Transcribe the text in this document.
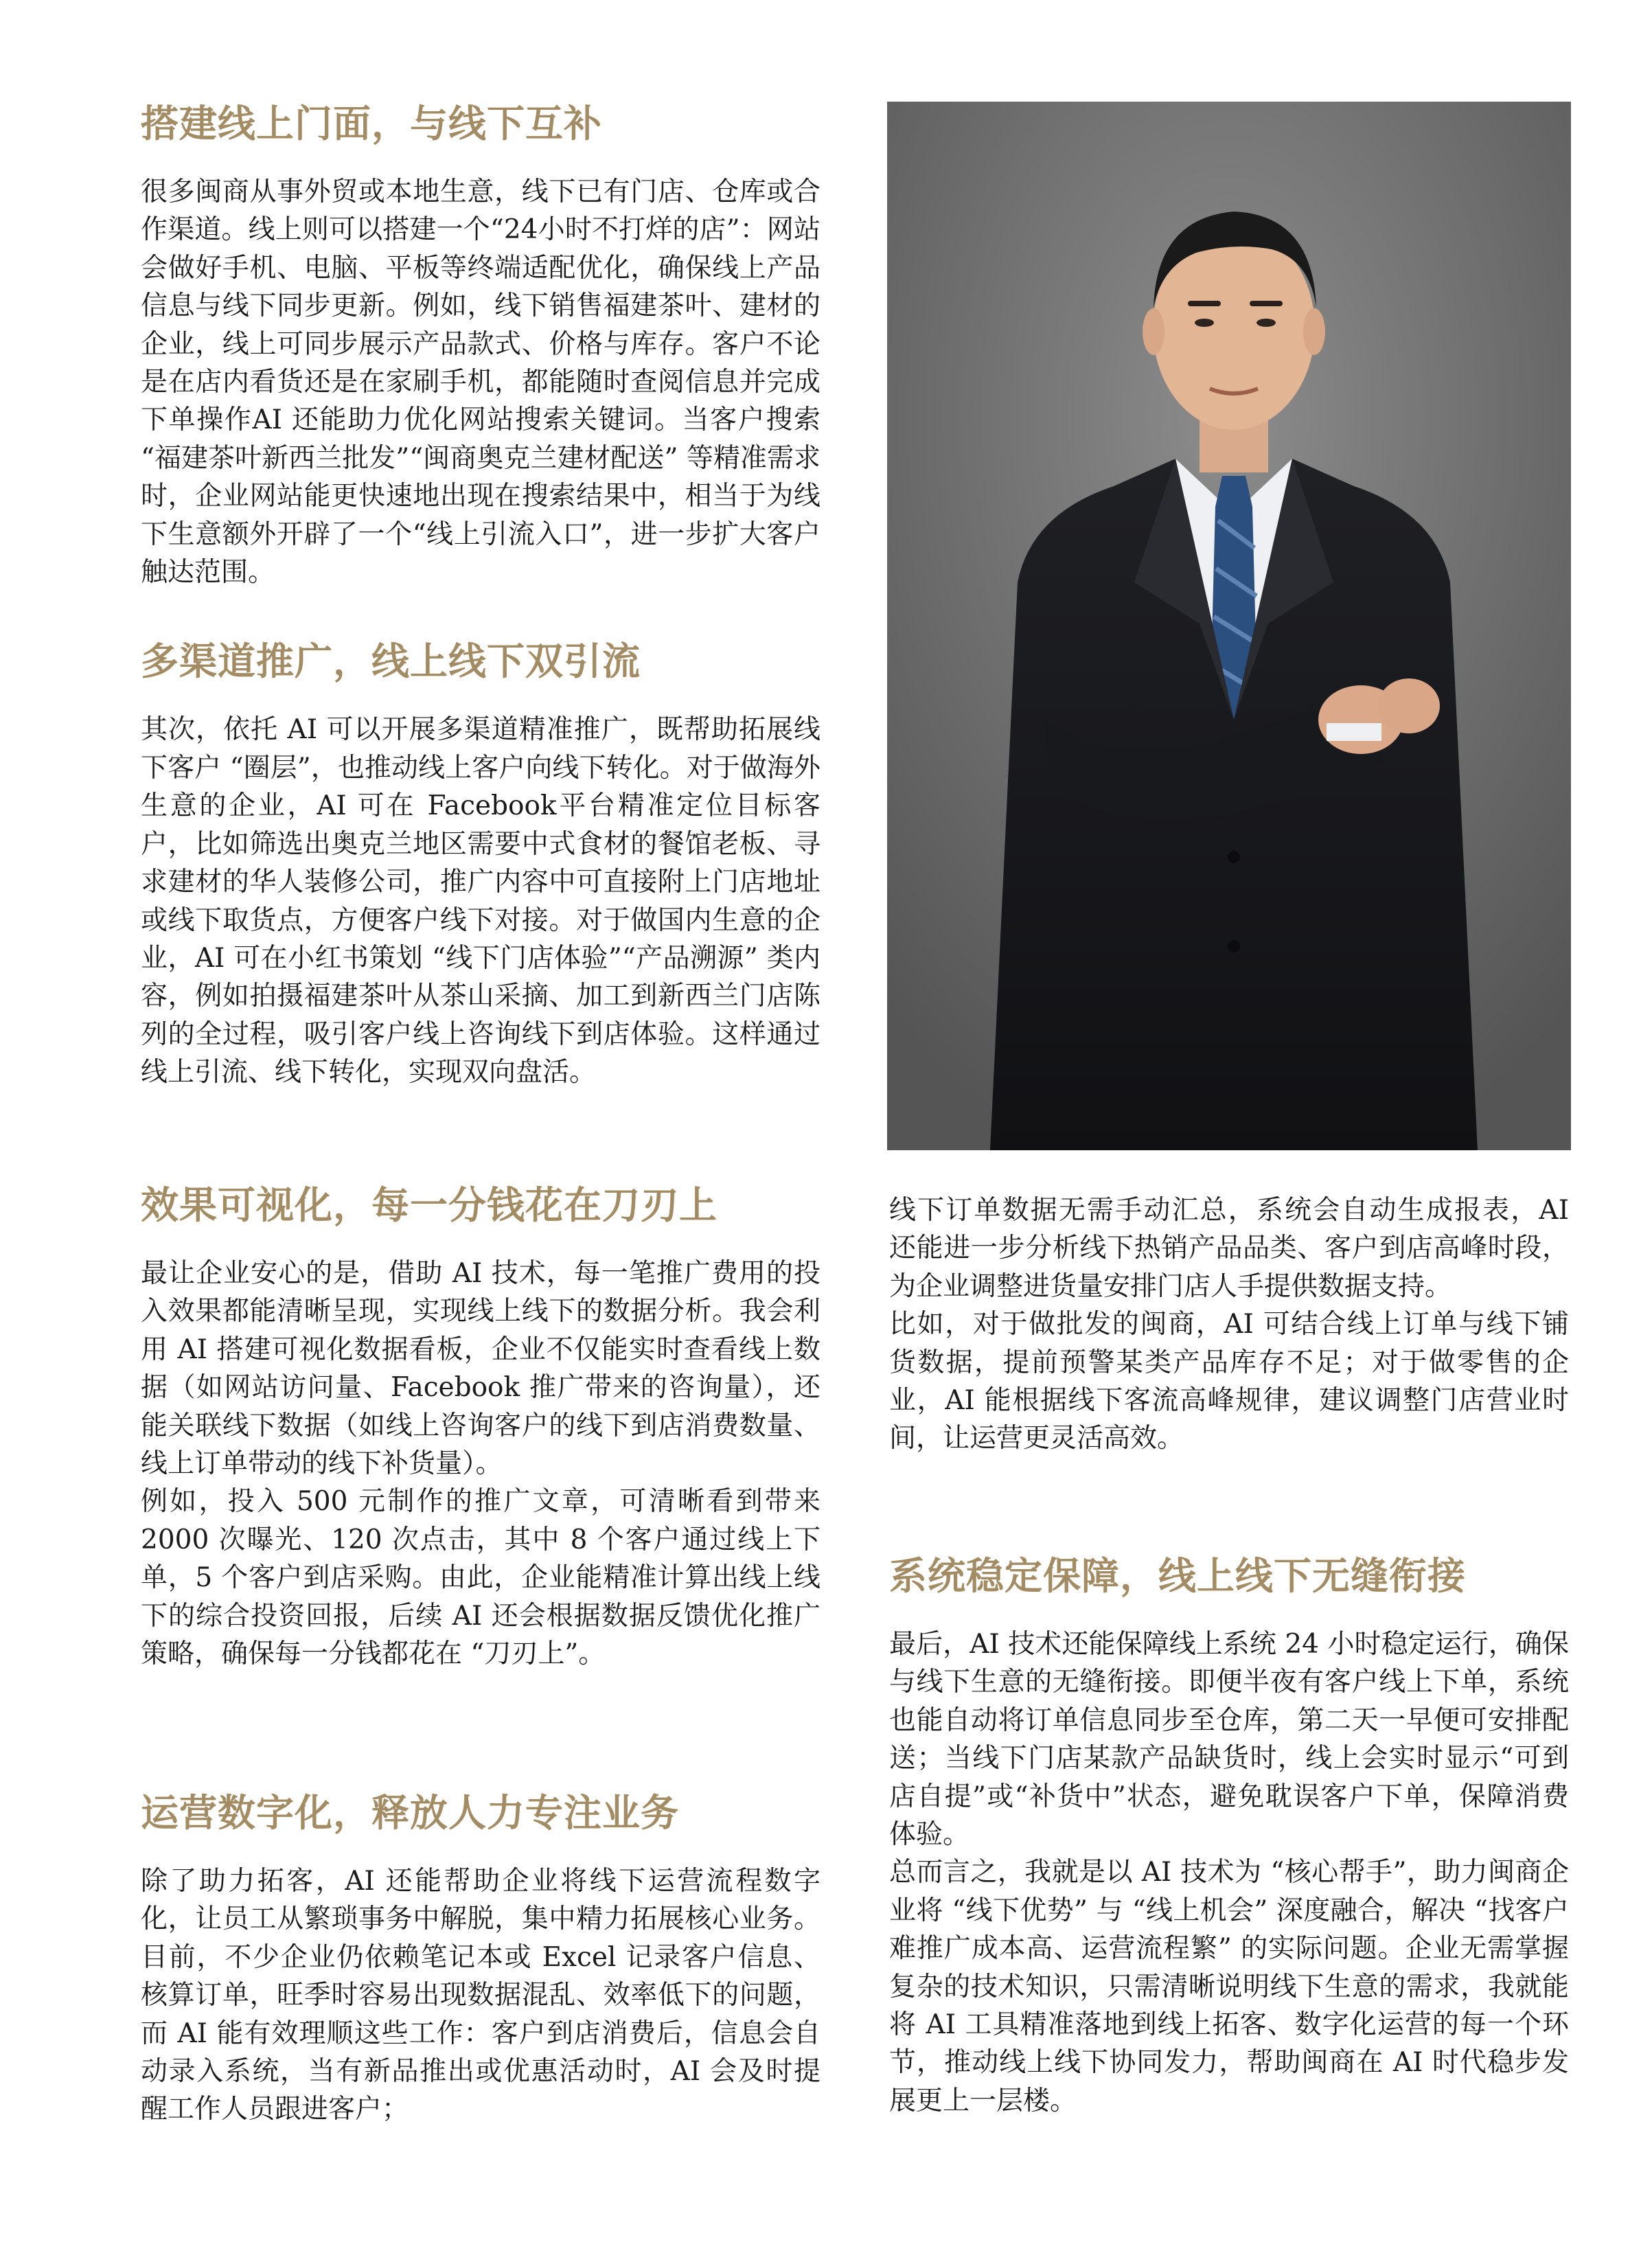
搭建线上门面，与线下互补

很多闽商从事外贸或本地生意，线下已有门店、仓库或合作渠道。线上则可以搭建一个“24小时不打烊的店”：网站会做好手机、电脑、平板等终端适配优化，确保线上产品信息与线下同步更新。例如，线下销售福建茶叶、建材的企业，线上可同步展示产品款式、价格与库存。客户不论是在店内看货还是在家刷手机，都能随时查阅信息并完成下单操作AI 还能助力优化网站搜索关键词。当客户搜索 “福建茶叶新西兰批发”“闽商奥克兰建材配送” 等精准需求时，企业网站能更快速地出现在搜索结果中，相当于为线下生意额外开辟了一个“线上引流入口”，进一步扩大客户触达范围。

多渠道推广，线上线下双引流

其次，依托 AI 可以开展多渠道精准推广，既帮助拓展线下客户 “圈层”，也推动线上客户向线下转化。对于做海外生意的企业，AI 可在 Facebook平台精准定位目标客户，比如筛选出奥克兰地区需要中式食材的餐馆老板、寻求建材的华人装修公司，推广内容中可直接附上门店地址或线下取货点，方便客户线下对接。对于做国内生意的企业，AI 可在小红书策划 “线下门店体验”“产品溯源” 类内容，例如拍摄福建茶叶从茶山采摘、加工到新西兰门店陈列的全过程，吸引客户线上咨询线下到店体验。这样通过线上引流、线下转化，实现双向盘活。

效果可视化，每一分钱花在刀刃上

最让企业安心的是，借助 AI 技术，每一笔推广费用的投入效果都能清晰呈现，实现线上线下的数据分析。我会利用 AI 搭建可视化数据看板，企业不仅能实时查看线上数据（如网站访问量、Facebook 推广带来的咨询量），还能关联线下数据（如线上咨询客户的线下到店消费数量、线上订单带动的线下补货量）。

例如，投入 500 元制作的推广文章，可清晰看到带来 2000 次曝光、120 次点击，其中 8 个客户通过线上下单，5 个客户到店采购。由此，企业能精准计算出线上线下的综合投资回报，后续 AI 还会根据数据反馈优化推广策略，确保每一分钱都花在 “刀刃上”。

运营数字化，释放人力专注业务

除了助力拓客，AI 还能帮助企业将线下运营流程数字化，让员工从繁琐事务中解脱，集中精力拓展核心业务。目前，不少企业仍依赖笔记本或 Excel 记录客户信息、核算订单，旺季时容易出现数据混乱、效率低下的问题，而 AI 能有效理顺这些工作：客户到店消费后，信息会自动录入系统，当有新品推出或优惠活动时，AI 会及时提醒工作人员跟进客户；

线下订单数据无需手动汇总，系统会自动生成报表，AI 还能进一步分析线下热销产品品类、客户到店高峰时段，为企业调整进货量安排门店人手提供数据支持。

比如，对于做批发的闽商，AI 可结合线上订单与线下铺货数据，提前预警某类产品库存不足；对于做零售的企业，AI 能根据线下客流高峰规律，建议调整门店营业时间，让运营更灵活高效。

系统稳定保障，线上线下无缝衔接

最后，AI 技术还能保障线上系统 24 小时稳定运行，确保与线下生意的无缝衔接。即便半夜有客户线上下单，系统也能自动将订单信息同步至仓库，第二天一早便可安排配送；当线下门店某款产品缺货时，线上会实时显示“可到店自提”或“补货中”状态，避免耽误客户下单，保障消费体验。

总而言之，我就是以 AI 技术为 “核心帮手”，助力闽商企业将 “线下优势” 与 “线上机会” 深度融合，解决 “找客户难推广成本高、运营流程繁” 的实际问题。企业无需掌握复杂的技术知识，只需清晰说明线下生意的需求，我就能将 AI 工具精准落地到线上拓客、数字化运营的每一个环节，推动线上线下协同发力，帮助闽商在 AI 时代稳步发展更上一层楼。
